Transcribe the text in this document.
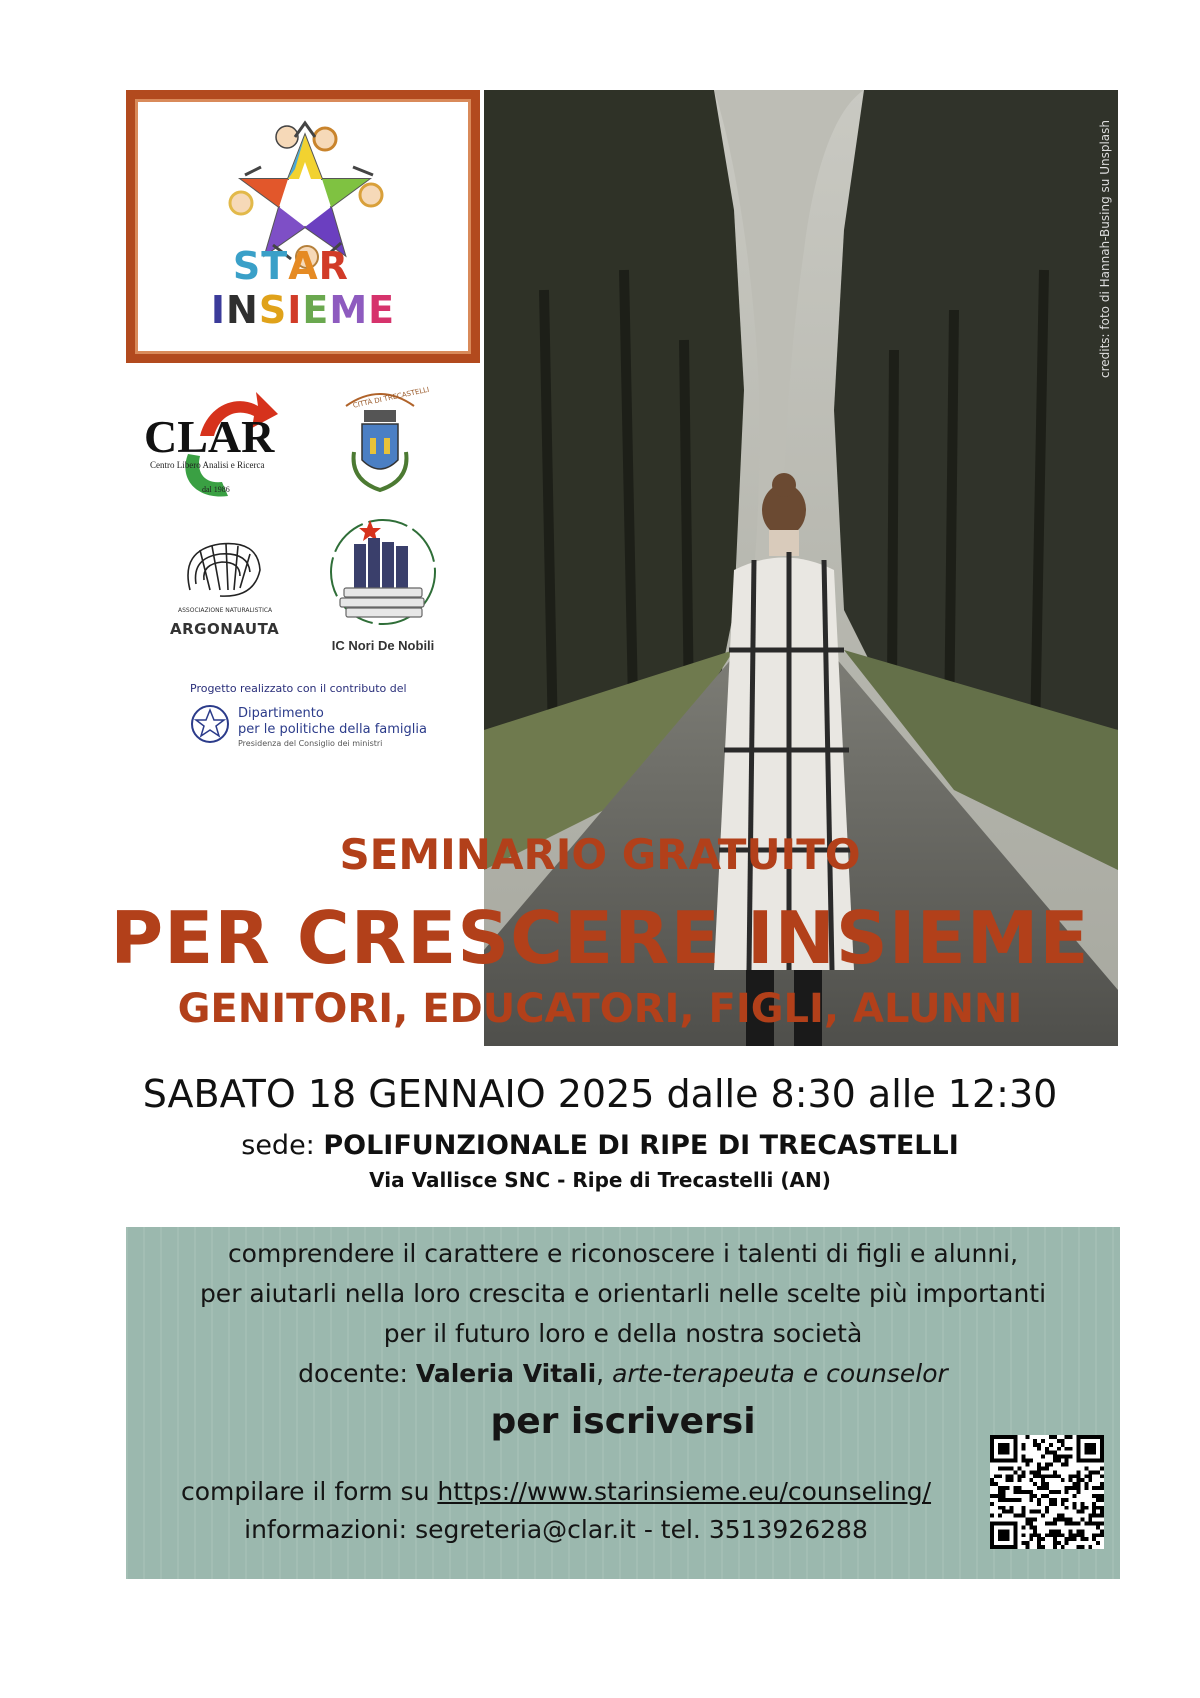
STAR  INSIEME	credits: foto di Hannah-Busing su Unsplash
CLAR
Centro Libero Analisi e Ricerca
dal 1986
CITTÀ DI TRECASTELLI
ASSOCIAZIONE NATURALISTICA
ARGONAUTA
IC Nori De Nobili
Progetto realizzato con il contributo del
Dipartimento
per le politiche della famiglia
Presidenza del Consiglio dei ministri
SEMINARIO GRATUITO
PER CRESCERE INSIEME
GENITORI, EDUCATORI, FIGLI, ALUNNI
SABATO 18 GENNAIO 2025 dalle 8:30 alle 12:30
sede: POLIFUNZIONALE DI RIPE DI TRECASTELLI
Via Vallisce SNC - Ripe di Trecastelli (AN)
comprendere il carattere e riconoscere i talenti di figli e alunni,
per aiutarli nella loro crescita e orientarli nelle scelte più importanti
per il futuro loro e della nostra società
docente: Valeria Vitali, arte-terapeuta e counselor
per iscriversi
compilare il form su https://www.starinsieme.eu/counseling/
informazioni: segreteria@clar.it - tel. 3513926288
